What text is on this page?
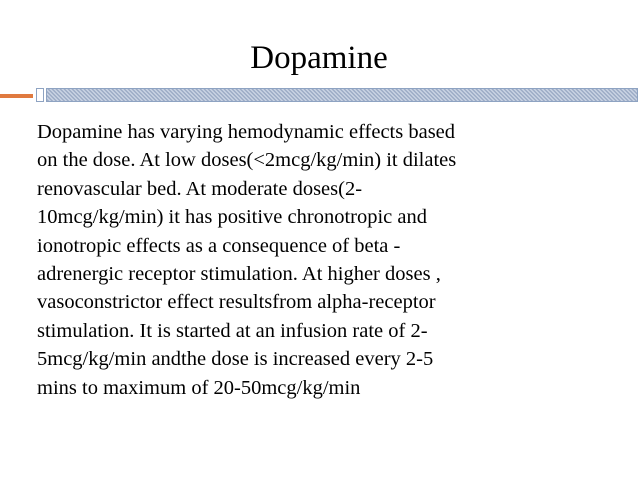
Dopamine

Dopamine has varying hemodynamic effects based
on the dose. At low doses(<2mcg/kg/min) it dilates
renovascular bed. At moderate doses(2-
10mcg/kg/min) it has positive chronotropic and
ionotropic effects as a consequence of beta -
adrenergic receptor stimulation. At higher doses ,
vasoconstrictor effect resultsfrom alpha-receptor
stimulation. It is started at an infusion rate of 2-
5mcg/kg/min andthe dose is increased every 2-5
mins to maximum of 20-50mcg/kg/min
